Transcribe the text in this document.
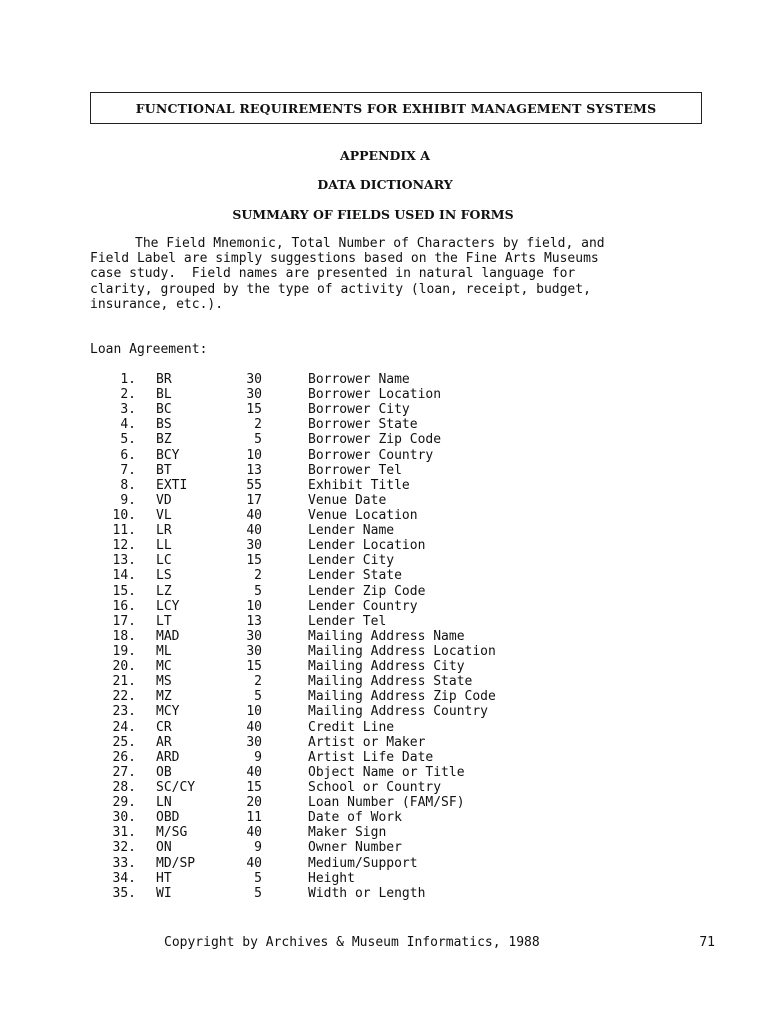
FUNCTIONAL REQUIREMENTS FOR EXHIBIT MANAGEMENT SYSTEMS
APPENDIX A
DATA DICTIONARY
SUMMARY OF FIELDS USED IN FORMS
The Field Mnemonic, Total Number of Characters by field, and
Field Label are simply suggestions based on the Fine Arts Museums
case study.  Field names are presented in natural language for
clarity, grouped by the type of activity (loan, receipt, budget,
insurance, etc.).
Loan Agreement:
1. BR	30	Borrower Name
2. BL	30	Borrower Location
3. BC	15	Borrower City
4. BS	2	Borrower State
5. BZ	5	Borrower Zip Code
6. BCY	10	Borrower Country
7. BT	13	Borrower Tel
8. EXTI	55	Exhibit Title
9. VD	17	Venue Date
10. VL	40	Venue Location
11. LR	40	Lender Name
12. LL	30	Lender Location
13. LC	15	Lender City
14. LS	2	Lender State
15. LZ	5	Lender Zip Code
16. LCY	10	Lender Country
17. LT	13	Lender Tel
18. MAD	30	Mailing Address Name
19. ML	30	Mailing Address Location
20. MC	15	Mailing Address City
21. MS	2	Mailing Address State
22. MZ	5	Mailing Address Zip Code
23. MCY	10	Mailing Address Country
24. CR	40	Credit Line
25. AR	30	Artist or Maker
26. ARD	9	Artist Life Date
27. OB	40	Object Name or Title
28. SC/CY	15	School or Country
29. LN	20	Loan Number (FAM/SF)
30. OBD	11	Date of Work
31. M/SG	40	Maker Sign
32. ON	9	Owner Number
33. MD/SP	40	Medium/Support
34. HT	5	Height
35. WI	5	Width or Length
Copyright by Archives & Museum Informatics, 1988	71
